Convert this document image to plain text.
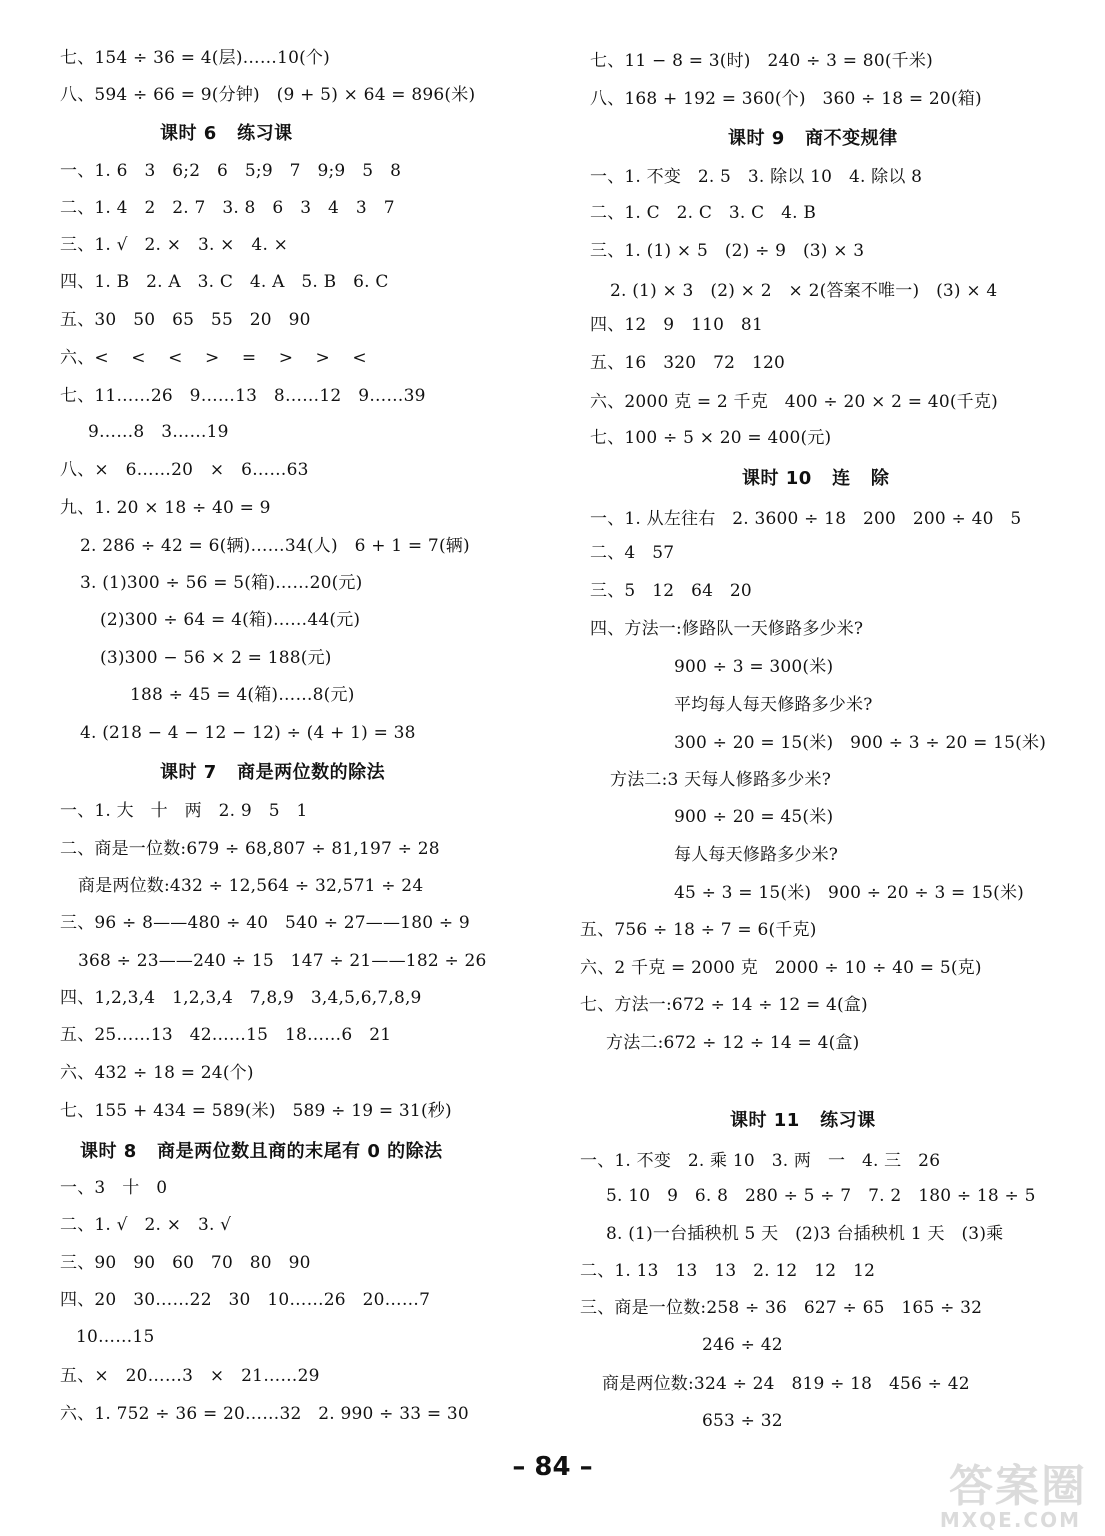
七、154 ÷ 36 = 4(层)……10(个)
八、594 ÷ 66 = 9(分钟)   (9 + 5) × 64 = 896(米)
课时 6   练习课
一、1. 6   3   6;2   6   5;9   7   9;9   5   8
二、1. 4   2   2. 7   3. 8   6   3   4   3   7
三、1. √   2. ×   3. ×   4. ×
四、1. B   2. A   3. C   4. A   5. B   6. C
五、30   50   65   55   20   90
六、<    <    <    >    =    >    >    <
七、11……26   9……13   8……12   9……39
9……8   3……19
八、×   6……20   ×   6……63
九、1. 20 × 18 ÷ 40 = 9
2. 286 ÷ 42 = 6(辆)……34(人)   6 + 1 = 7(辆)
3. (1)300 ÷ 56 = 5(箱)……20(元)
(2)300 ÷ 64 = 4(箱)……44(元)
(3)300 − 56 × 2 = 188(元)
188 ÷ 45 = 4(箱)……8(元)
4. (218 − 4 − 12 − 12) ÷ (4 + 1) = 38
课时 7   商是两位数的除法
一、1. 大   十   两   2. 9   5   1
二、商是一位数:679 ÷ 68,807 ÷ 81,197 ÷ 28
商是两位数:432 ÷ 12,564 ÷ 32,571 ÷ 24
三、96 ÷ 8——480 ÷ 40   540 ÷ 27——180 ÷ 9
368 ÷ 23——240 ÷ 15   147 ÷ 21——182 ÷ 26
四、1,2,3,4   1,2,3,4   7,8,9   3,4,5,6,7,8,9
五、25……13   42……15   18……6   21
六、432 ÷ 18 = 24(个)
七、155 + 434 = 589(米)   589 ÷ 19 = 31(秒)
课时 8   商是两位数且商的末尾有 0 的除法
一、3   十   0
二、1. √   2. ×   3. √
三、90   90   60   70   80   90
四、20   30……22   30   10……26   20……7
10……15
五、×   20……3   ×   21……29
六、1. 752 ÷ 36 = 20……32   2. 990 ÷ 33 = 30
七、11 − 8 = 3(时)   240 ÷ 3 = 80(千米)
八、168 + 192 = 360(个)   360 ÷ 18 = 20(箱)
课时 9   商不变规律
一、1. 不变   2. 5   3. 除以 10   4. 除以 8
二、1. C   2. C   3. C   4. B
三、1. (1) × 5   (2) ÷ 9   (3) × 3
2. (1) × 3   (2) × 2   × 2(答案不唯一)   (3) × 4
四、12   9   110   81
五、16   320   72   120
六、2000 克 = 2 千克   400 ÷ 20 × 2 = 40(千克)
七、100 ÷ 5 × 20 = 400(元)
课时 10   连   除
一、1. 从左往右   2. 3600 ÷ 18   200   200 ÷ 40   5
二、4   57
三、5   12   64   20
四、方法一:修路队一天修路多少米?
900 ÷ 3 = 300(米)
平均每人每天修路多少米?
300 ÷ 20 = 15(米)   900 ÷ 3 ÷ 20 = 15(米)
方法二:3 天每人修路多少米?
900 ÷ 20 = 45(米)
每人每天修路多少米?
45 ÷ 3 = 15(米)   900 ÷ 20 ÷ 3 = 15(米)
五、756 ÷ 18 ÷ 7 = 6(千克)
六、2 千克 = 2000 克   2000 ÷ 10 ÷ 40 = 5(克)
七、方法一:672 ÷ 14 ÷ 12 = 4(盒)
方法二:672 ÷ 12 ÷ 14 = 4(盒)
课时 11   练习课
一、1. 不变   2. 乘 10   3. 两   一   4. 三   26
5. 10   9   6. 8   280 ÷ 5 ÷ 7   7. 2   180 ÷ 18 ÷ 5
8. (1)一台插秧机 5 天   (2)3 台插秧机 1 天   (3)乘
二、1. 13   13   13   2. 12   12   12
三、商是一位数:258 ÷ 36   627 ÷ 65   165 ÷ 32
246 ÷ 42
商是两位数:324 ÷ 24   819 ÷ 18   456 ÷ 42
653 ÷ 32
– 84 –	答案圈
MXQE.COM
